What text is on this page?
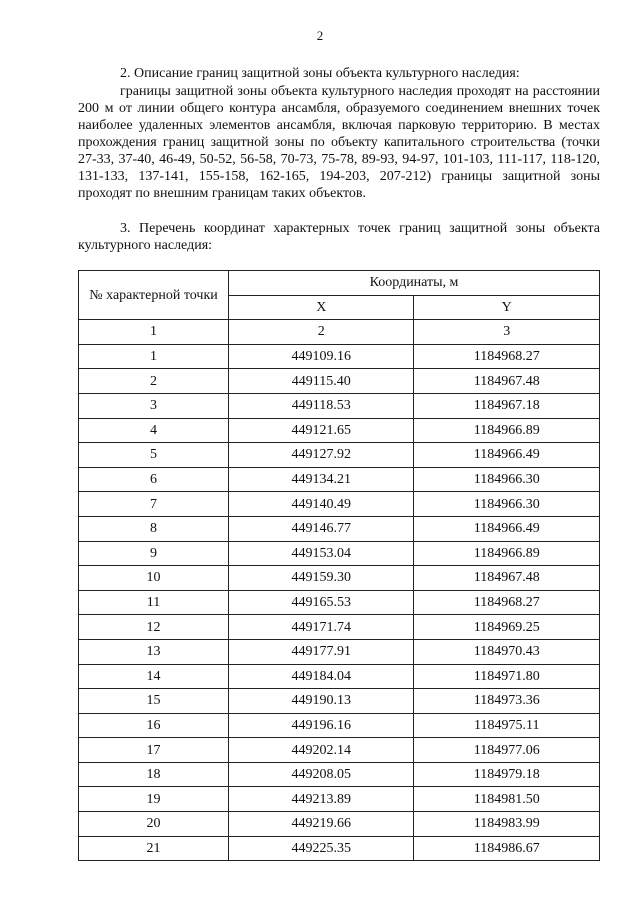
2
2. Описание границ защитной зоны объекта культурного наследия:
границы защитной зоны объекта культурного наследия проходят на расстоянии 200 м от линии общего контура ансамбля, образуемого соединением внешних точек наиболее удаленных элементов ансамбля, включая парковую территорию. В местах прохождения границ защитной зоны по объекту капитального строительства (точки 27-33, 37-40, 46-49, 50-52, 56-58, 70-73, 75-78, 89-93, 94-97, 101-103, 111-117, 118-120, 131-133, 137-141, 155-158, 162-165, 194-203, 207-212) границы защитной зоны проходят по внешним границам таких объектов.
3. Перечень координат характерных точек границ защитной зоны объекта культурного наследия:
№ характерной точки	Координаты, м	
	X	Y
1	2	3
1	449109.16	1184968.27
2	449115.40	1184967.48
3	449118.53	1184967.18
4	449121.65	1184966.89
5	449127.92	1184966.49
6	449134.21	1184966.30
7	449140.49	1184966.30
8	449146.77	1184966.49
9	449153.04	1184966.89
10	449159.30	1184967.48
11	449165.53	1184968.27
12	449171.74	1184969.25
13	449177.91	1184970.43
14	449184.04	1184971.80
15	449190.13	1184973.36
16	449196.16	1184975.11
17	449202.14	1184977.06
18	449208.05	1184979.18
19	449213.89	1184981.50
20	449219.66	1184983.99
21	449225.35	1184986.67
